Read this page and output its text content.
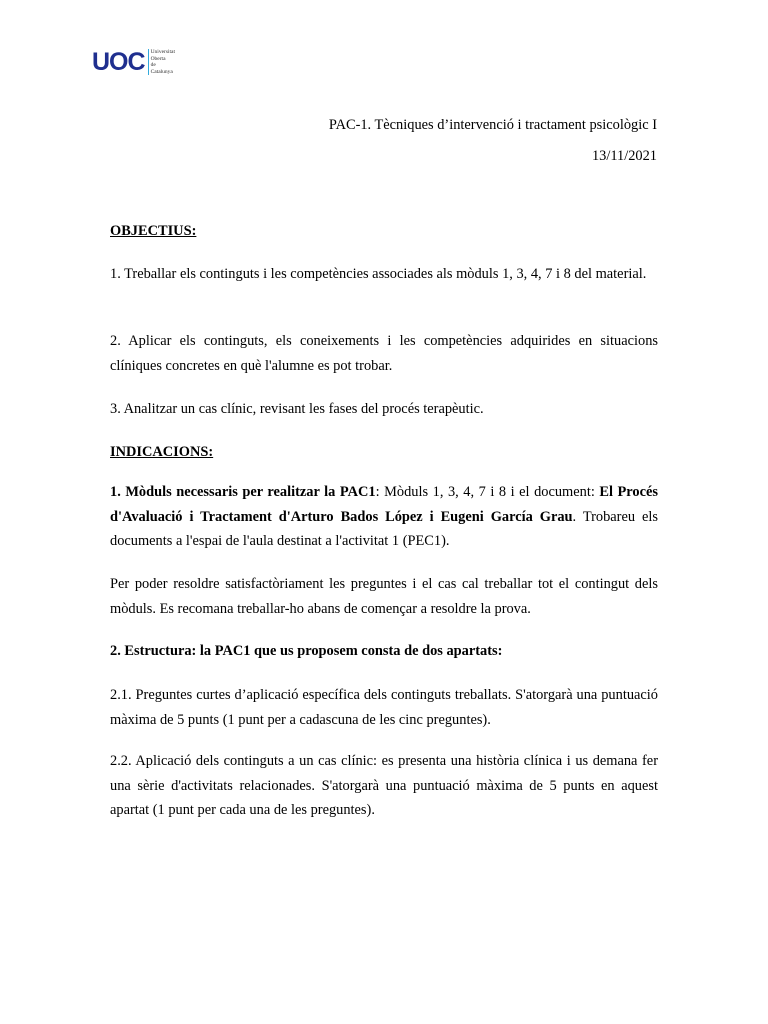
UOC Universitat
Oberta
de Catalunya
PAC-1. Tècniques d’intervenció i tractament psicològic I
13/11/2021

OBJECTIUS:

1. Treballar els continguts i les competències associades als mòduls 1, 3, 4, 7 i 8 del material.

2. Aplicar els continguts, els coneixements i les competències adquirides en situacions clíniques concretes en què l'alumne es pot trobar.

3. Analitzar un cas clínic, revisant les fases del procés terapèutic.

INDICACIONS:

1. Mòduls necessaris per realitzar la PAC1: Mòduls 1, 3, 4, 7 i 8 i el document: El Procés d'Avaluació i Tractament d'Arturo Bados López i Eugeni García Grau. Trobareu els documents a l'espai de l'aula destinat a l'activitat 1 (PEC1).

Per poder resoldre satisfactòriament les preguntes i el cas cal treballar tot el contingut dels mòduls. Es recomana treballar-ho abans de començar a resoldre la prova.

2. Estructura: la PAC1 que us proposem consta de dos apartats:

2.1. Preguntes curtes d’aplicació específica dels continguts treballats. S'atorgarà una puntuació màxima de 5 punts (1 punt per a cadascuna de les cinc preguntes).

2.2. Aplicació dels continguts a un cas clínic: es presenta una història clínica i us demana fer una sèrie d'activitats relacionades. S'atorgarà una puntuació màxima de 5 punts en aquest apartat (1 punt per cada una de les preguntes).
